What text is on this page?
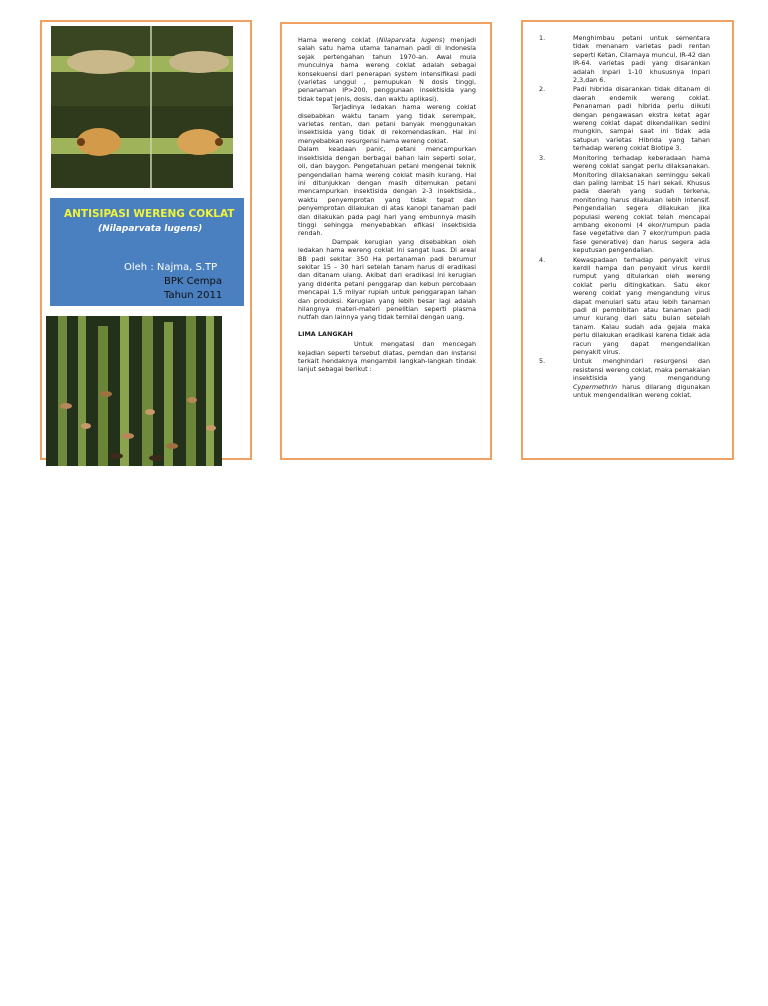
ANTISIPASI WERENG COKLAT
(Nilaparvata lugens)
Oleh : Najma, S.TP
BPK Cempa
Tahun 2011

Hama wereng coklat (Nilaparvata lugens) menjadi salah satu hama utama tanaman padi di Indonesia sejak pertengahan tahun 1970-an. Awal mula munculnya hama wereng coklat adalah sebagai konsekuensi dari penerapan system intensifikasi padi (varietas unggul , pemupukan N dosis tinggi, penanaman IP>200, penggunaan insektisida yang tidak tepat jenis, dosis, dan waktu aplikasi).

Terjadinya ledakan hama wereng coklat disebabkan waktu tanam yang tidak serempak, varietas rentan, dan petani banyak menggunakan insektisida yang tidak di rekomendasikan. Hal ini menyebabkan resurgensi hama wereng coklat.

Dalam keadaan panic, petani mencampurkan insektisida dengan berbagai bahan lain seperti solar, oli, dan baygon. Pengetahuan petani mengenai teknik pengendalian hama wereng coklat masih kurang. Hal ini ditunjukkan dengan masih ditemukan petani mencampurkan insektisida dengan 2-3 insektisida., waktu penyemprotan yang tidak tepat dan penyemprotan dilakukan di atas kanopi tanaman padi dan dilakukan pada pagi hari yang embunnya masih tinggi sehingga menyebabkan efikasi insektisida rendah.

Dampak kerugian yang disebabkan oleh ledakan hama wereng coklat ini sangat luas. Di areal BB padi sekitar 350 Ha pertanaman padi berumur sekitar 15 – 30 hari setelah tanam harus di eradikasi dan ditanam ulang. Akibat dari eradikasi ini kerugian yang diderita petani penggarap dan kebun percobaan mencapai 1,5 milyar rupiah untuk penggarapan lahan dan produksi. Kerugian yang lebih besar lagi adalah hilangnya materi-materi penelitian seperti plasma nutfah dan lainnya yang tidak ternilai dengan uang.

LIMA LANGKAH

Untuk mengatasi dan mencegah kejadian seperti tersebut diatas, pemdan dan instansi terkait hendaknya mengambil langkah-langkah tindak lanjut sebagai berikut :

1.	Menghimbau petani untuk sementara tidak menanam varietas padi rentan seperti Ketan, Cilamaya muncul, IR-42 dan IR-64. varietas padi yang disarankan adalah Inpari 1-10 khususnya Inpari 2,3,dan 6.
2.	Padi hibrida disarankan tidak ditanam di daerah endemik wereng coklat. Penanaman padi hibrida perlu diikuti dengan pengawasan ekstra ketat agar wereng coklat dapat dikendalikan sedini mungkin, sampai saat ini tidak ada satupun varietas Hibrida yang tahan terhadap wereng coklat Biotipe 3.
3.	Monitoring terhadap keberadaan hama wereng coklat sangat perlu dilaksanakan. Monitoring dilaksanakan seminggu sekali dan paling lambat 15 hari sekali. Khusus pada daerah yang sudah terkena, monitoring harus dilakukan lebih intensif. Pengendalian segera dilakukan jika populasi wereng coklat telah mencapai ambang ekonomi (4 ekor/rumpun pada fase vegetative dan 7 ekor/rumpun pada fase generative) dan harus segera ada keputusan pengendalian.
4.	Kewaspadaan terhadap penyakit virus kerdil hampa dan penyakit virus kerdil rumput yang ditularkan oleh wereng coklat perlu ditingkatkan. Satu ekor wereng coklat yang mengandung virus dapat menulari satu atau lebih tanaman padi di pembibitan atau tanaman padi umur kurang dari satu bulan setelah tanam. Kalau sudah ada gejala maka perlu dilakukan eradikasi karena tidak ada racun yang dapat mengendalikan penyakit virus.
5.	Untuk menghindari resurgensi dan resistensi wereng coklat, maka pemakaian insektisida yang mengandung Cypermethrin harus dilarang digunakan untuk mengendalikan wereng coklat.
